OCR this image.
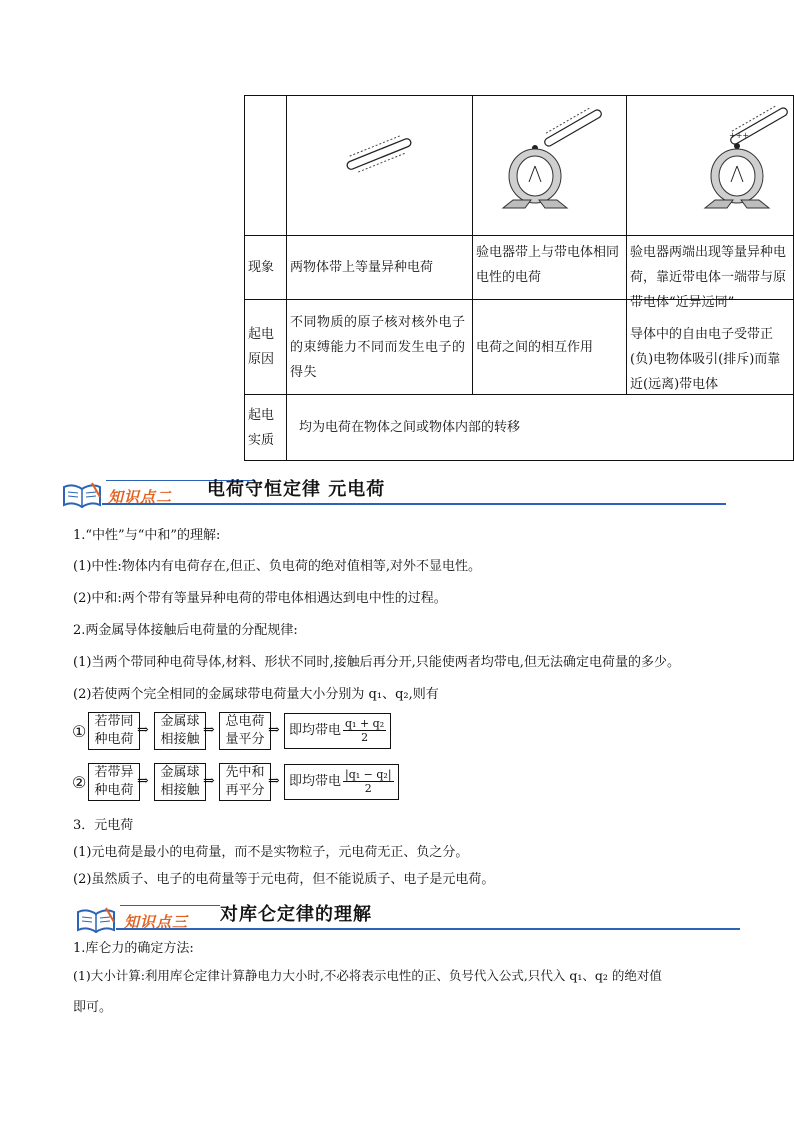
+++

现象	两物体带上等量异种电荷	验电器带上与带电体相同电性的电荷	验电器两端出现等量异种电荷，靠近带电体一端带与原带电体“近异远同”

起电原因	不同物质的原子核对核外电子的束缚能力不同而发生电子的得失	电荷之间的相互作用	导体中的自由电子受带正(负)电物体吸引(排斥)而靠近(远离)带电体

起电实质	均为电荷在物体之间或物体内部的转移		
知识点二 电荷守恒定律 元电荷
1.“中性”与“中和”的理解:
(1)中性:物体内有电荷存在,但正、负电荷的绝对值相等,对外不显电性。
(2)中和:两个带有等量异种电荷的带电体相遇达到电中性的过程。
2.两金属导体接触后电荷量的分配规律:
(1)当两个带同种电荷导体,材料、形状不同时,接触后再分开,只能使两者均带电,但无法确定电荷量的多少。
(2)若使两个完全相同的金属球带电荷量大小分别为 q₁、q₂,则有
①
若带同种电荷
⇒
金属球相接触
⇒
总电荷量平分
⇒ 即均带电 $\frac{\text{q₁ + q₂}}{2}$
②
若带异种电荷
⇒
金属球相接触
⇒
先中和再平分
⇒ 即均带电 $\frac{\text{|q₁ − q₂|}}{2}$
3．元电荷
(1)元电荷是最小的电荷量，而不是实物粒子，元电荷无正、负之分。
(2)虽然质子、电子的电荷量等于元电荷，但不能说质子、电子是元电荷。
知识点三 对库仑定律的理解
1.库仑力的确定方法:
(1)大小计算:利用库仑定律计算静电力大小时,不必将表示电性的正、负号代入公式,只代入 q₁、q₂ 的绝对值
即可。
